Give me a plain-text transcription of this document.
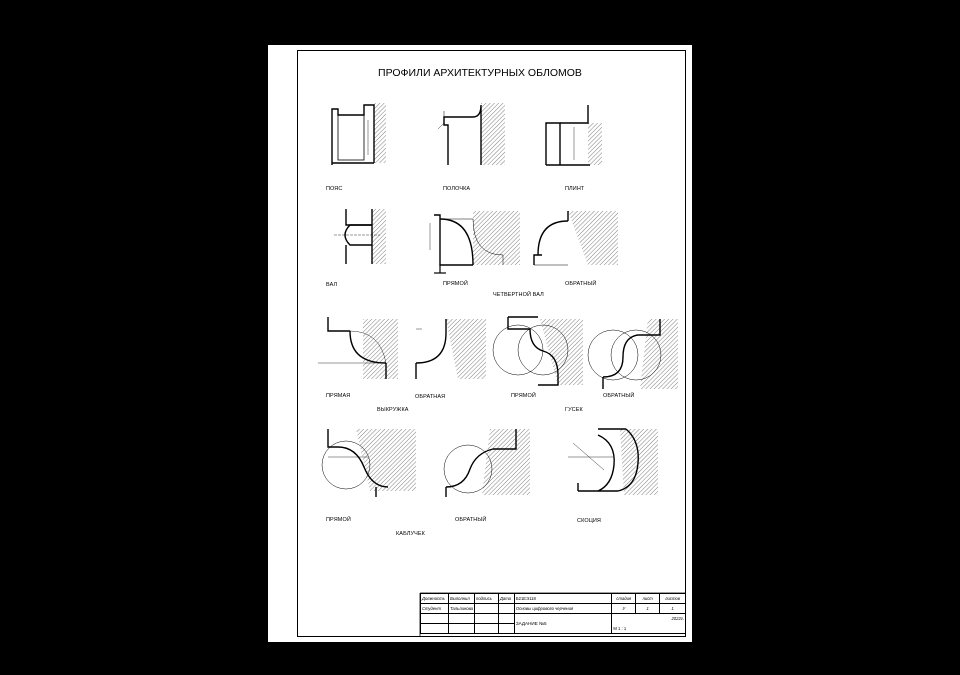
ПРОФИЛИ АРХИТЕКТУРНЫХ ОБЛОМОВ
ПОЯС	ПОЛОЧКА	ПЛИНТ
ВАЛ	ПРЯМОЙ	ОБРАТНЫЙ
ЧЕТВЕРТНОЙ ВАЛ
ПРЯМАЯ	ОБРАТНАЯ
ВЫКРУЖКА
ПРЯМОЙ	ОБРАТНЫЙ
ГУСЕК
ПРЯМОЙ	ОБРАТНЫЙ
КАБЛУЧЕК
СКОЦИЯ
Должность	Выполнил	подпись	Дата	Б21ЕЭ118	стадия	лист	листов
Студент	Тальлинова			Основы цифрового черчения	У	1	1
				ЗАДАНИЕ №5	2022г.		
					М 1 : 1		
